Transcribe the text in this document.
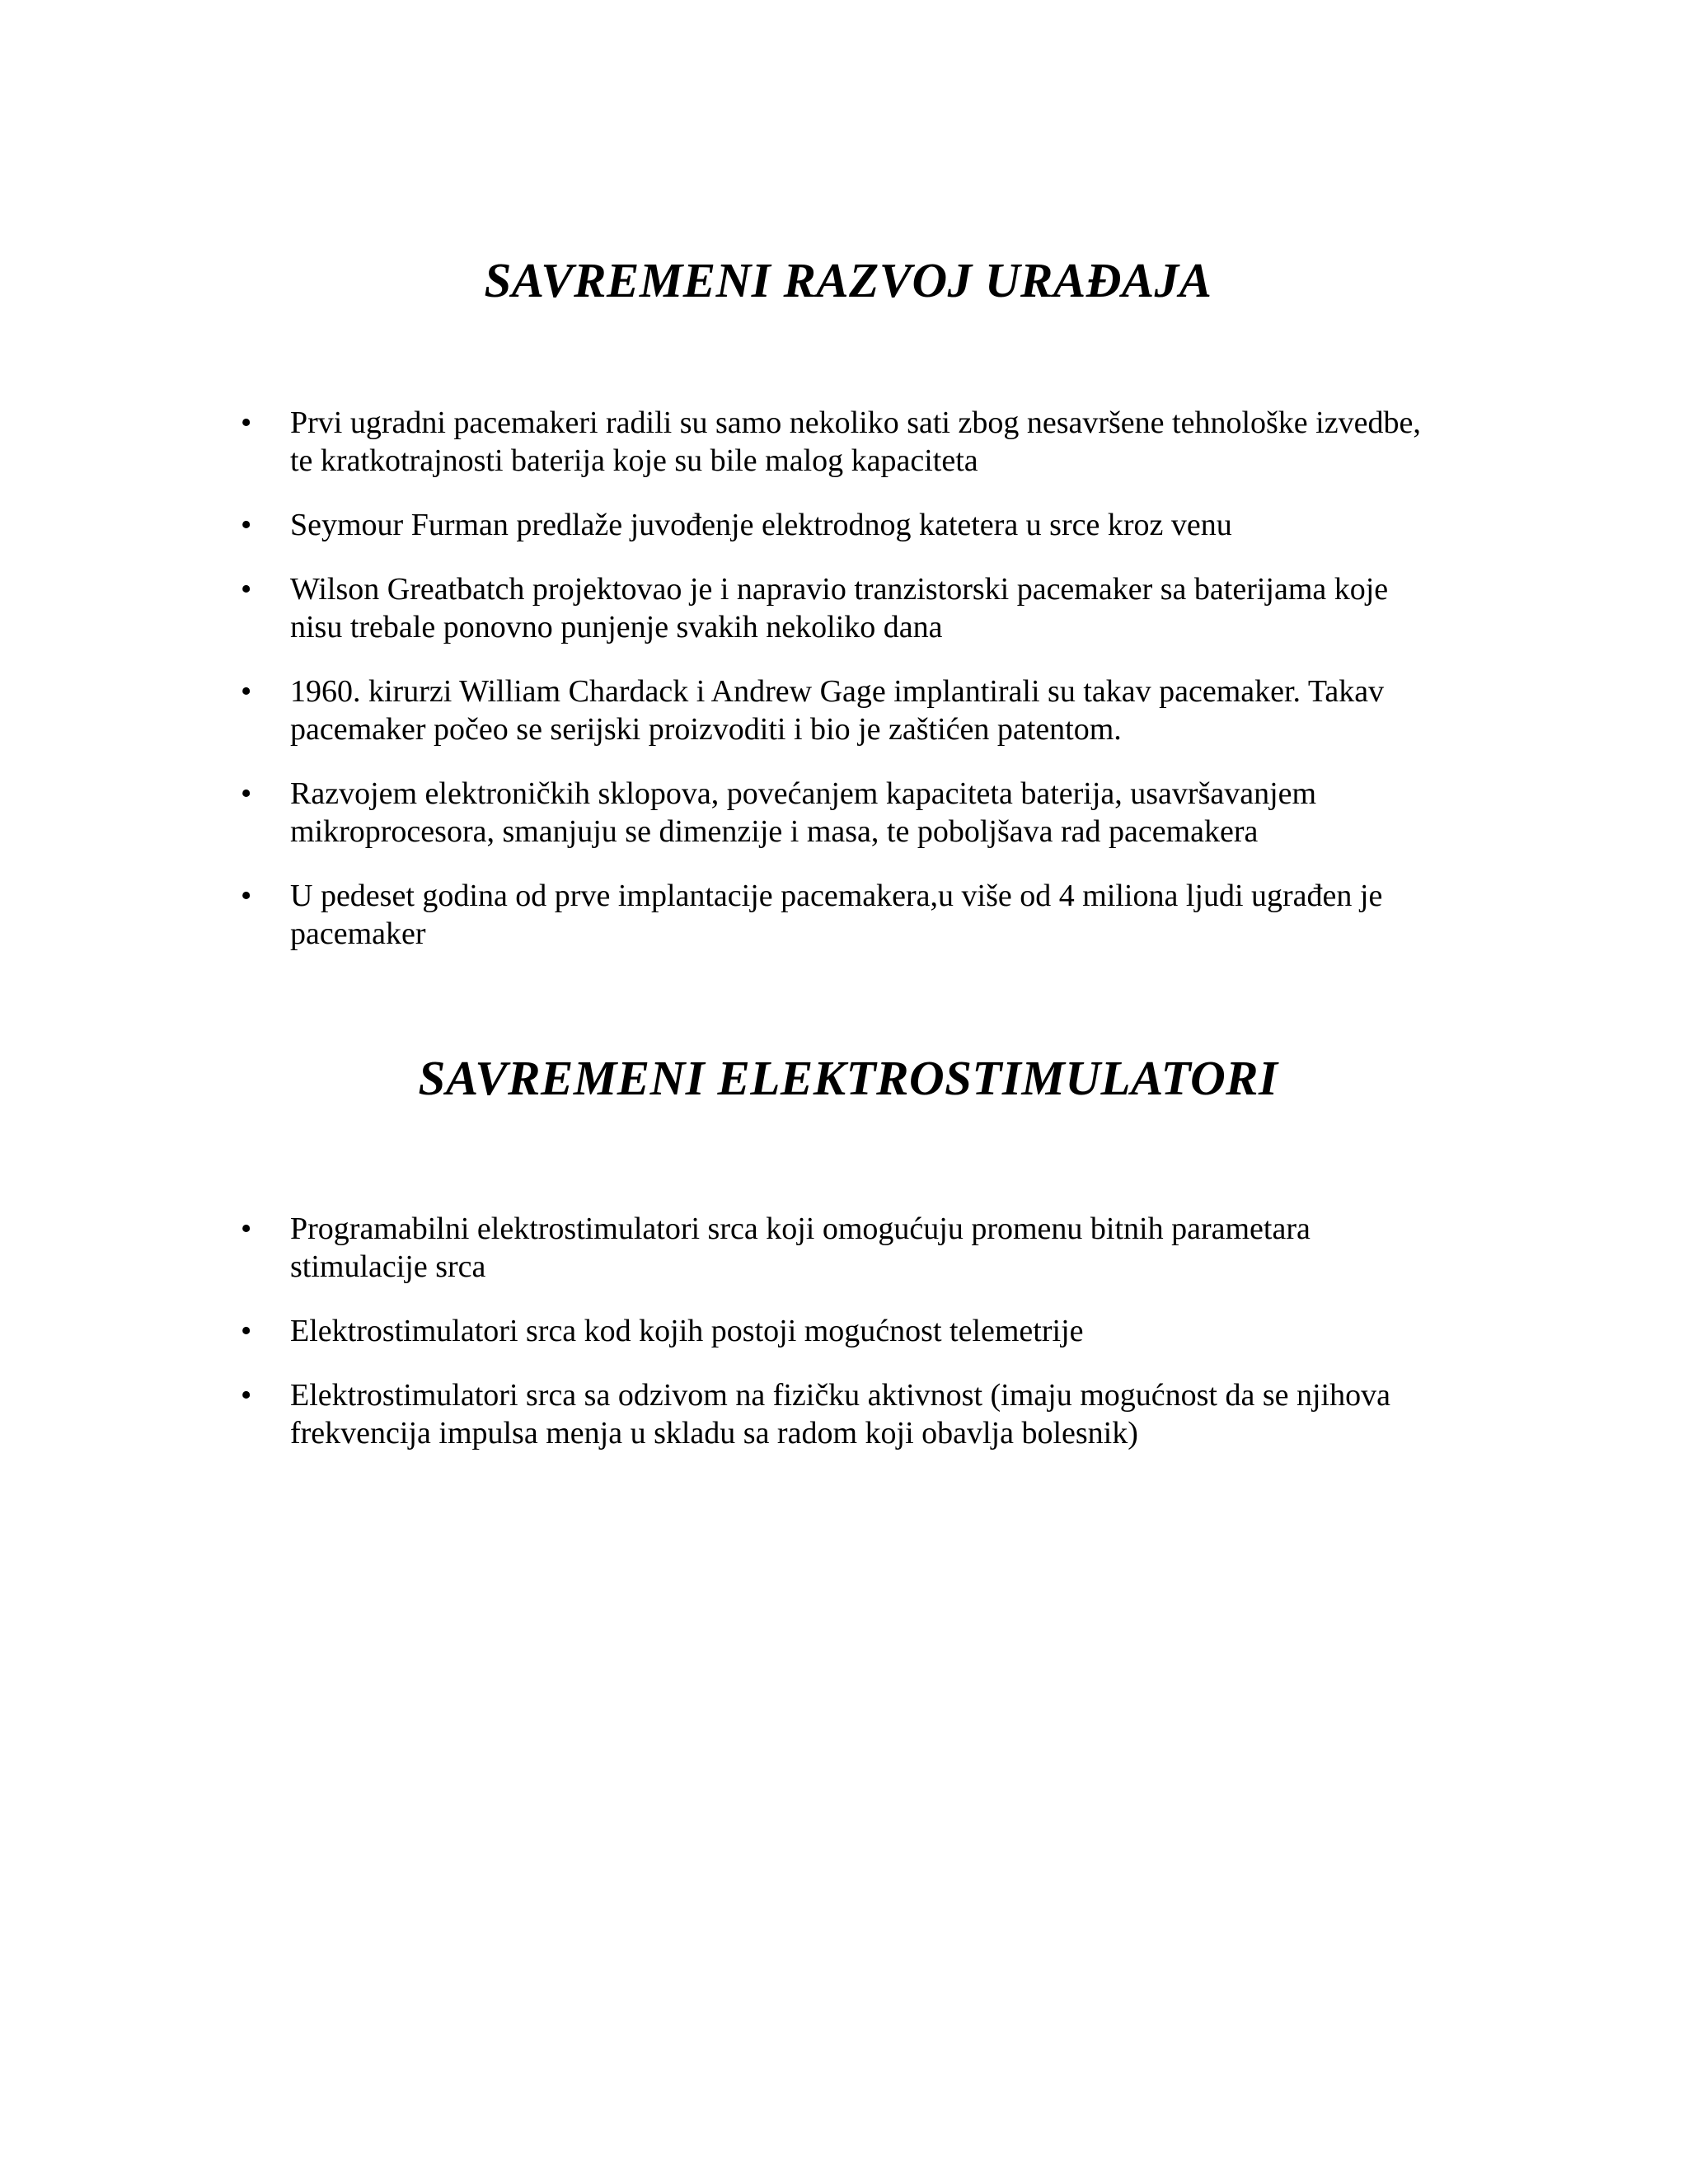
SAVREMENI RAZVOJ URAĐAJA
• Prvi ugradni pacemakeri radili su samo nekoliko sati zbog nesavršene tehnološke izvedbe,
te kratkotrajnosti baterija koje su bile malog kapaciteta
• Seymour Furman predlaže juvođenje elektrodnog katetera u srce kroz venu
• Wilson Greatbatch projektovao je i napravio tranzistorski pacemaker sa baterijama koje
nisu trebale ponovno punjenje svakih nekoliko dana
• 1960. kirurzi William Chardack i Andrew Gage implantirali su takav pacemaker. Takav
pacemaker počeo se serijski proizvoditi i bio je zaštićen patentom.
• Razvojem elektroničkih sklopova, povećanjem kapaciteta baterija, usavršavanjem
mikroprocesora, smanjuju se dimenzije i masa, te poboljšava rad pacemakera
• U pedeset godina od prve implantacije pacemakera,u više od 4 miliona ljudi ugrađen je
pacemaker
SAVREMENI ELEKTROSTIMULATORI
• Programabilni elektrostimulatori srca koji omogućuju promenu bitnih parametara
stimulacije srca
• Elektrostimulatori srca kod kojih postoji mogućnost telemetrije
• Elektrostimulatori srca sa odzivom na fizičku aktivnost (imaju mogućnost da se njihova
frekvencija impulsa menja u skladu sa radom koji obavlja bolesnik)
